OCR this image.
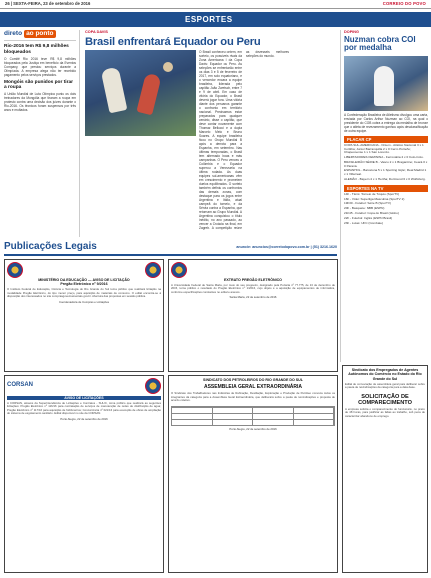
26 | SEXTA-FEIRA, 23 de setembro de 2016	CORREIO DO POVO
ESPORTES
direto ao ponto
Rio-2016 tem R$ 9,8 milhões bloqueados
O Comitê Rio 2016 teve R$ 9,8 milhões bloqueados pela Justiça em benefício da Eventos Company, que prestou serviços durante a Olimpíada. A empresa alega não ter recebido pagamento pelos serviços prestados.
Mongóis são punidos por tirar a roupa
A União Mundial de Luta Olímpica puniu os dois treinadores da Mongólia que tiraram a roupa em protesto contra uma decisão dos juízes durante o Rio-2016. Os técnicos foram suspensos por três anos e multados.
COPA DAVIS
Brasil enfrentará Equador ou Peru
O Brasil conheceu ontem, em sorteio, os possíveis rivais da Zona Americana I da Copa Davis: Equador ou Peru. As seleções se enfrentarão entre os dias 3 e 5 de fevereiro de 2017, em solo equatoriano, e o vencedor encara a equipe brasileira, liderada pelo capitão João Zwetsch, entre 7 e 9 de abril. Em caso de vitória do Equador, o Brasil deverá jogar fora. Uma vitória diante dos peruanos garante o confronto em território nacional. Precisamos estar preparados para qualquer cenário, disse o capitão, que deve contar novamente com Thomaz Bellucci e a dupla Marcelo Melo e Bruno Soares. A equipe brasileira ficou no Grupo Mundial B após a derrota para a Espanha, em setembro. Nas últimas temporadas, o Brasil tem alternado boas e más campanhas. O Peru venceu a Colômbia e o Equador superou a Venezuela na última rodada. As duas equipes sul-americanas vêm em crescimento e prometem duelos equilibrados. O sorteio também definiu os confrontos das demais zonas, com destaque para os jogos entre Argentina e Itália, atual campeã do torneio, e da Sérvia contra a Espanha, que retornam ao Grupo Mundial. A Argentina conquistou o título inédito, no ano passado, ao vencer a Croácia na final, em Zagreb. A competição reúne as dezesseis melhores seleções do mundo.
DOPING
Nuzman cobra COI por medalha
A Confederação Brasileira de Atletismo divulgou uma carta, enviada por Carlos Arthur Nuzman ao COI, na qual o presidente do COB cobra a entrega da medalha de bronze que o atleta de revezamento ganhou após desclassificação de outra equipe.
PLACAR CP
COPA SUL-AMERICANA - Ontem - Atlético Nacional 3 x 1 Coritiba; Junior Barranquilla 2 x 0 Cerro Porteño; Chapecoense 1 x 1 San Lorenzo.
LIBERTADORES FEMININA - Ferroviária 2 x 0 Colo-Colo.
BRASILEIRÃO SÉRIE B - Vasco 2 x 1 Bragantino; Ceará 0 x 0 Paraná.
ESPANHOL - Barcelona 5 x 1 Sporting Gijón; Real Madrid 1 x 1 Villarreal.
ALEMÃO - Bayern 4 x 1 Hertha; Dortmund 6 x 0 Wolfsburg.
ESPORTES NA TV
14h - Tênis: Torneio de Tóquio (SporTV)
16h - Vôlei: Superliga Masculina (SporTV 2)
19h30 - Futebol: Série B (SporTV)
20h - Basquete: NBB (ESPN)
21h45 - Futebol: Copa do Brasil (Globo)
22h - Futebol: Inglês (ESPN Brasil)
23h - Lutas: UFC (Combate)
Publicações Legais	anuncie: anuncios@correiodopovo.com.br | (51) 3216.1620
MINISTÉRIO DA EDUCAÇÃO — AVISO DE LICITAÇÃO
Pregão Eletrônico nº 9/2016
O Instituto Federal de Educação, Ciência e Tecnologia do Rio Grande do Sul torna público que realizará licitação na modalidade Pregão Eletrônico, do tipo menor preço, para aquisição de materiais de consumo. O edital encontra-se à disposição dos interessados no site comprasgovernamentais.gov.br. Abertura das propostas em sessão pública.
Coordenadoria de Compras e Licitações
EXTRATO PREGÃO ELETRÔNICO
A Universidade Federal de Santa Maria, por meio do seu pregoeiro, designado pela Portaria nº 77.775, de 13 de dezembro de 2015, torna público o resultado do Pregão Eletrônico nº 1/2016, cujo objeto é a aquisição de equipamentos de informática, conforme especificações constantes no edital e anexos.
Santa Maria, 22 de setembro de 2016
CORSAN
AVISO DE LICITAÇÕES
A CORSAN, através da Superintendência de Licitações e Contratos - SULIC, torna público que realizará as seguintes licitações: Pregão Eletrônico nº 116/16 para contratação de serviços de manutenção de redes de distribuição de água; Pregão Eletrônico nº 117/16 para aquisição de hidrômetros; Concorrência nº 021/16 para execução de obras de ampliação do sistema de esgotamento sanitário. Edital disponível no site da CORSAN.
Porto Alegre, 22 de setembro de 2016
SINDICATO DOS PETROLEIROS DO RIO GRANDE DO SUL
ASSEMBLEIA GERAL EXTRAORDINÁRIA
O Sindicato dos Trabalhadores nas Indústrias de Refinação, Destilação, Exploração e Produção de Petróleo convoca todos os integrantes da categoria para a Assembleia Geral Extraordinária, que deliberará sobre a pauta de reivindicações e proposta de acordo coletivo.
Porto Alegre, 22 de setembro de 2016
Sindicato dos Empregados de Agentes Autônomos do Comércio no Estado do Rio Grande do Sul
Edital de convocação de assembleia geral para deliberar sobre a pauta de reivindicações da categoria para a data-base.
SOLICITAÇÃO DE COMPARECIMENTO
A empresa solicita o comparecimento do funcionário, no prazo de 48 horas, para justificar as faltas ao trabalho, sob pena de caracterizar abandono de emprego.
